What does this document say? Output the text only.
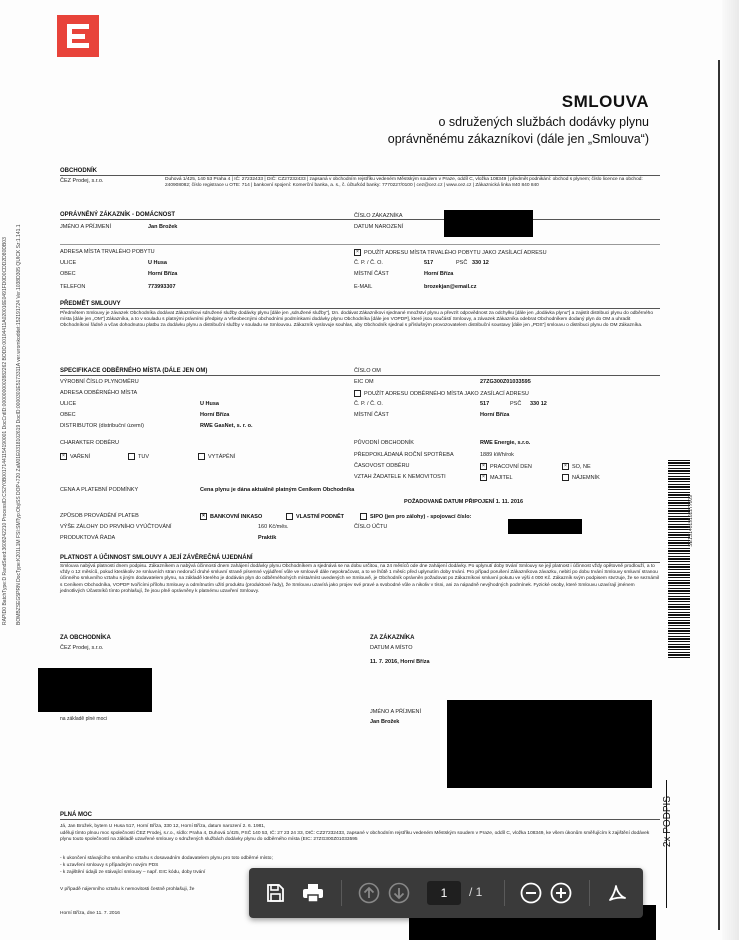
RAPID0 BatchType:D RandSeed:3608242210 ProcessID:CS2Y0B00171441154190001 DocCntID:0000000002882262 BODD:00104411A020016E0491FD0D0CDD2D80DB03	BOMBZSEG5PRN DocType:K201L1M FSI:SMTyp:ObjiSS DOP+720 ZaM01E0318102619 DocID:0000301E5173311A ver.wromkoddet:152191724 Ver.1038D305 QUICK Sz:1.141.1
SMLOUVA
o sdružených službách dodávky plynu
oprávněnému zákazníkovi (dále jen „Smlouva“)
OBCHODNÍK
ČEZ Prodej, s.r.o.	Duhová 1/425, 140 53 Praha 4 | IČ: 27232433 | DIČ: CZ27232433 | zapsaná v obchodním rejstříku vedeném Městským soudem v Praze, oddíl C, vložka 108349 | předmět podnikání: obchod s plynem; číslo licence na obchod: 240908082; číslo registrace u OTE: 714 | bankovní spojení: Komerční banka, a. s., č. účtu/kód banky: 7770227/0100 | cez@cez.cz | www.cez.cz | Zákaznická linka 840 840 840
OPRÁVNĚNÝ ZÁKAZNÍK - DOMÁCNOST
JMÉNO A PŘÍJMENÍ	Jan Brožek
ČÍSLO ZÁKAZNÍKA
DATUM NAROZENÍ
ADRESA MÍSTA TRVALÉHO POBYTU	× POUŽÍT ADRESU MÍSTA TRVALÉHO POBYTU JAKO ZASÍLACÍ ADRESU
ULICE	U Husa	Č. P. / Č. O.	517	PSČ 330 12
OBEC	Horní Bříza	MÍSTNÍ ČÁST	Horní Bříza
TELEFON	773993307	E-MAIL	brozekjan@email.cz
PŘEDMĚT SMLOUVY
Předmětem Smlouvy je závazek Obchodníka dodávat Zákazníkovi sdružené služby dodávky plynu [dále jen „sdružené služby“], tzn. dodávat Zákazníkovi sjednané množství plynu a převzít odpovědnost za odchylku [dále jen „dodávka plynu“] a zajistit distribuci plynu do odběrného místa [dále jen „OM“] Zákazníka, a to v souladu s platnými právními předpisy a Všeobecnými obchodními podmínkami dodávky plynu Obchodníka [dále jen VOPDP], které jsou součástí Smlouvy, a závazek Zákazníka odebrat Obchodníkem dodaný plyn do OM a uhradit Obchodníkovi řádně a včas dohodnutou platbu za dodávku plynu a distribuční služby v souladu se Smlouvou. Zákazník vyslovuje souhlas, aby Obchodník sjednal s příslušným provozovatelem distribuční soustavy [dále jen „PDS“] smlouvu o distribuci plynu do OM Zákazníka.
SPECIFIKACE ODBĚRNÉHO MÍSTA (DÁLE JEN OM)	ČÍSLO OM
VÝROBNÍ ČÍSLO PLYNOMĚRU	EIC OM	27ZG300Z01033595
ADRESA ODBĚRNÉHO MÍSTA	POUŽÍT ADRESU ODBĚRNÉHO MÍSTA JAKO ZASÍLACÍ ADRESU
ULICE	U Husa	Č. P. / Č. O.	517	PSČ 330 12
OBEC	Horní Bříza	MÍSTNÍ ČÁST	Horní Bříza
DISTRIBUTOR (distribuční území)	RWE GasNet, s. r. o.
CHARAKTER ODBĚRU	PŮVODNÍ OBCHODNÍK	RWE Energie, s.r.o.
× VAŘENÍ	TUV	VYTÁPĚNÍ	PŘEDPOKLÁDANÁ ROČNÍ SPOTŘEBA	1889 kWh/rok
ČASOVOST ODBĚRU	× PRACOVNÍ DEN	× SO, NE
VZTAH ŽADATELE K NEMOVITOSTI	× MAJITEL	NÁJEMNÍK
CENA A PLATEBNÍ PODMÍNKY	Cena plynu je dána aktuálně platným Ceníkem Obchodníka
POŽADOVANÉ DATUM PŘIPOJENÍ 1. 11. 2016
ZPŮSOB PROVÁDĚNÍ PLATEB	× BANKOVNÍ INKASO	VLASTNÍ PODNĚT	SIPO (jen pro zálohy) - spojovací číslo:
VÝŠE ZÁLOHY DO PRVNÍHO VYÚČTOVÁNÍ	160 Kč/měs.	ČÍSLO ÚČTU
PRODUKTOVÁ ŘADA	Praktik
PLATNOST A ÚČINNOST SMLOUVY A JEJÍ ZÁVĚREČNÁ UJEDNÁNÍ
Smlouva nabývá platnosti dnem podpisu. Zákazníkem a nabývá účinnosti dnem zahájení dodávky plynu Obchodníkem a sjednává se na dobu určitou, na 24 měsíců ode dne zahájení dodávky. Po uplynutí doby trvání Smlouvy se její platnost i účinnost vždy opětovně prodlouží, a to vždy o 12 měsíců, pokud kterákoliv ze smluvních stran nedoručí druhé smluvní straně písemné vyjádření vůle ve smlouvě dále nepokračovat, a to ve lhůtě 1 měsíc před uplynutím doby trvání. Pro případ porušení Zákazníkova závazku, nebití po dobu trvání Smlouvy smluvní stranou účinného smluvního vztahu s jiným dodavatelem plynu, na základě kterého je dodáván plyn do odběrného/ných místa/míst uvedených ve Smlouvě, je Obchodník oprávněn požadovat po Zákazníkovi smluvní pokutu ve výši 4 000 Kč. Zákazník svým podpisem stvrzuje, že se seznámil s Ceníkem Obchodníka, VOPDP tvořícími přílohu Smlouvy a odmítnutím užití produktu (produktové řady), že Smlouvu uzavírá jako projev své pravé a svobodné vůle a nikoliv v tísni, ani za nápadně nevýhodných podmínek. Fyzické osoby, které Smlouvu uzavírají jménem jednotlivých Účastníků tímto prohlašují, že jsou plně oprávněny k platnému uzavření Smlouvy.
ZA OBCHODNÍKA
ČEZ Prodej, s.r.o.
na základě plné moci
ZA ZÁKAZNÍKA
DATUM A MÍSTO
11. 7. 2016, Horní Bříza
JMÉNO A PŘÍJMENÍ
Jan Brožek
PLNÁ MOC
Já, Jan Brožek, bytem U Husa 517, Horní Bříza, 330 12, Horní Bříza, datum narození 2. 6. 1981,
uděluji tímto plnou moc společnosti ČEZ Prodej, s.r.o., sídlo: Praha 4, Duhová 1/425, PSČ 140 53, IČ: 27 23 24 33, DIČ: CZ27232433, zapsané v obchodním rejstříku vedeném Městským soudem v Praze, oddíl C, vložka 108349, ke všem úkonům směřujícím k zajištění dodávek plynu touto společností na základě uzavřené smlouvy o sdružených službách dodávky plynu do odběrného místa (EIC: 27ZG300Z01033595
- k ukončení stávajícího smluvního vztahu s dosavadním dodavatelem plynu pro toto odběrné místo;
- k uzavření smlouvy s případným novým PDS
- k zajištění údajů ze stávající smlouvy – např. EIC kódu, doby trvání
V případě nájemního vztahu k nemovitosti čestně prohlašuji, že
Horní Bříza, dne 11. 7. 2016
SE1S14019102277009
2x PODPIS
1
/ 1
